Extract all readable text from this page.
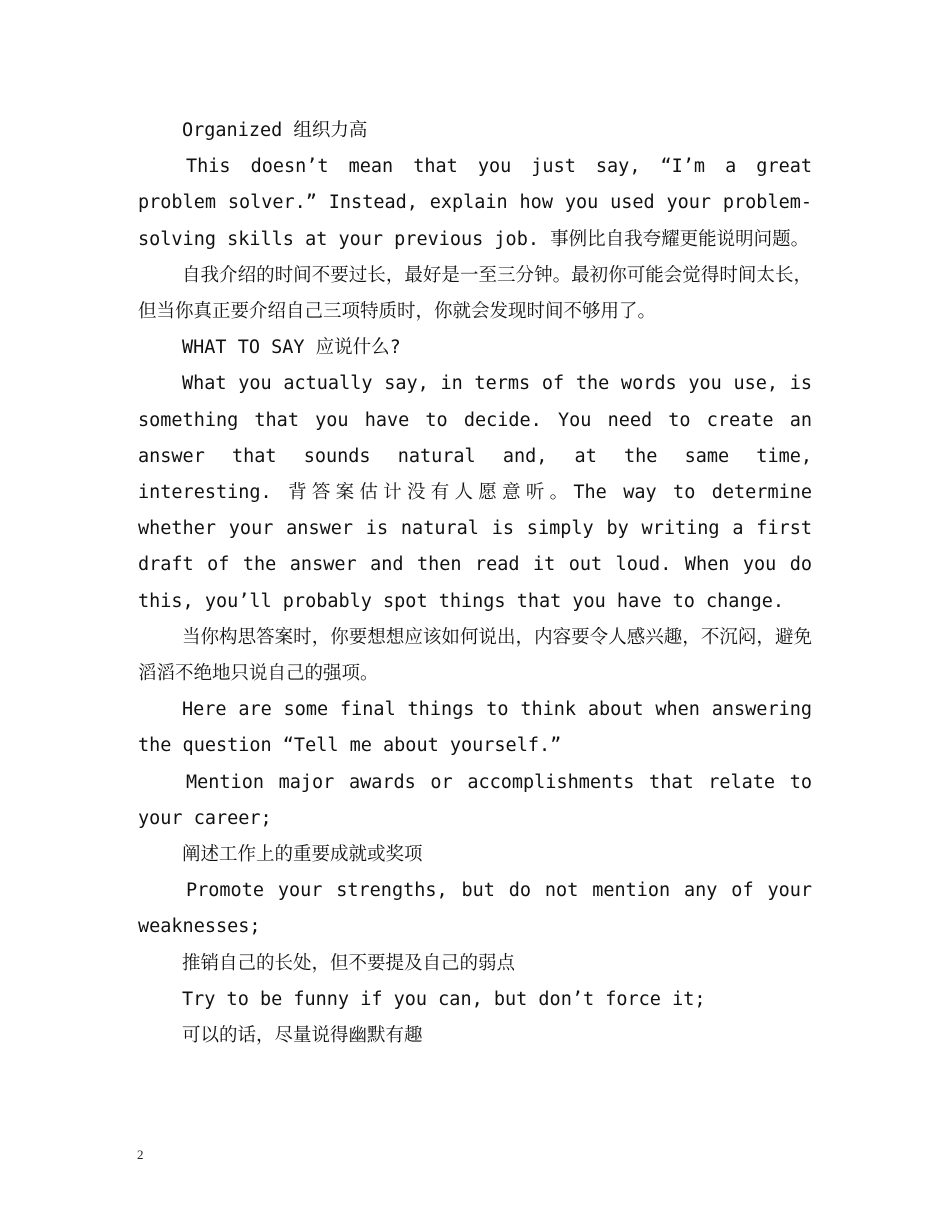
Organized 组织力高

This doesn’t mean that you just say, “I’m a great problem solver.” Instead, explain how you used your problem-solving skills at your previous job. 事例比自我夸耀更能说明问题。

自我介绍的时间不要过长，最好是一至三分钟。最初你可能会觉得时间太长，但当你真正要介绍自己三项特质时，你就会发现时间不够用了。

WHAT TO SAY 应说什么?

What you actually say, in terms of the words you use, is something that you have to decide. You need to create an answer that sounds natural and, at the same time, interesting. 背答案估计没有人愿意听。The way to determine whether your answer is natural is simply by writing a first draft of the answer and then read it out loud. When you do this, you’ll probably spot things that you have to change.

当你构思答案时，你要想想应该如何说出，内容要令人感兴趣，不沉闷，避免滔滔不绝地只说自己的强项。

Here are some final things to think about when answering the question “Tell me about yourself.”

Mention major awards or accomplishments that relate to your career;

阐述工作上的重要成就或奖项

Promote your strengths, but do not mention any of your weaknesses;

推销自己的长处，但不要提及自己的弱点

Try to be funny if you can, but don’t force it;

可以的话，尽量说得幽默有趣

2
